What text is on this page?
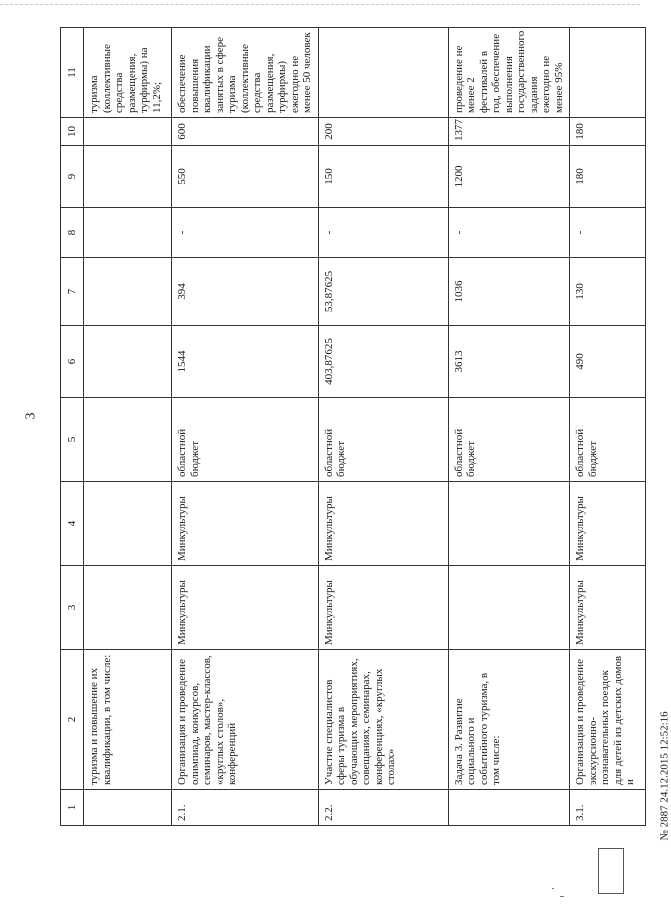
3
1	2	3	4	5	6	7	8	9	10	11
	туризма и повышение их квалификации, в том числе:									туризма (коллективные средства размещения, турфирмы) на 11,2%;
2.1.	Организация и проведение олимпиад, конкурсов, семинаров, мастер-классов, «круглых столов», конференций	Минкультуры	Минкультуры	областной бюджет	1544	394	-	550	600	обеспечение повышения квалификации занятых в сфере туризма (коллективные средства размещения, турфирмы) ежегодно не менее 50 человек
2.2.	Участие специалистов сферы туризма в обучающих мероприятиях, совещаниях, семинарах, конференциях, «круглых столах»	Минкультуры	Минкультуры	областной бюджет	403,87625	53,87625	-	150	200	
	Задача 3. Развитие социального и событийного туризма, в том числе:			областной бюджет	3613	1036	-	1200	1377	проведение не менее 2 фестивалей в год, обеспечение выполнения государственного задания ежегодно не менее 95%
3.1.	Организация и проведение экскурсионно-познавательных поездок для детей из детских домов и	Минкультуры	Минкультуры	областной бюджет	490	130	-	180	180	
№ 2887 24.12.2015 12:52:16
